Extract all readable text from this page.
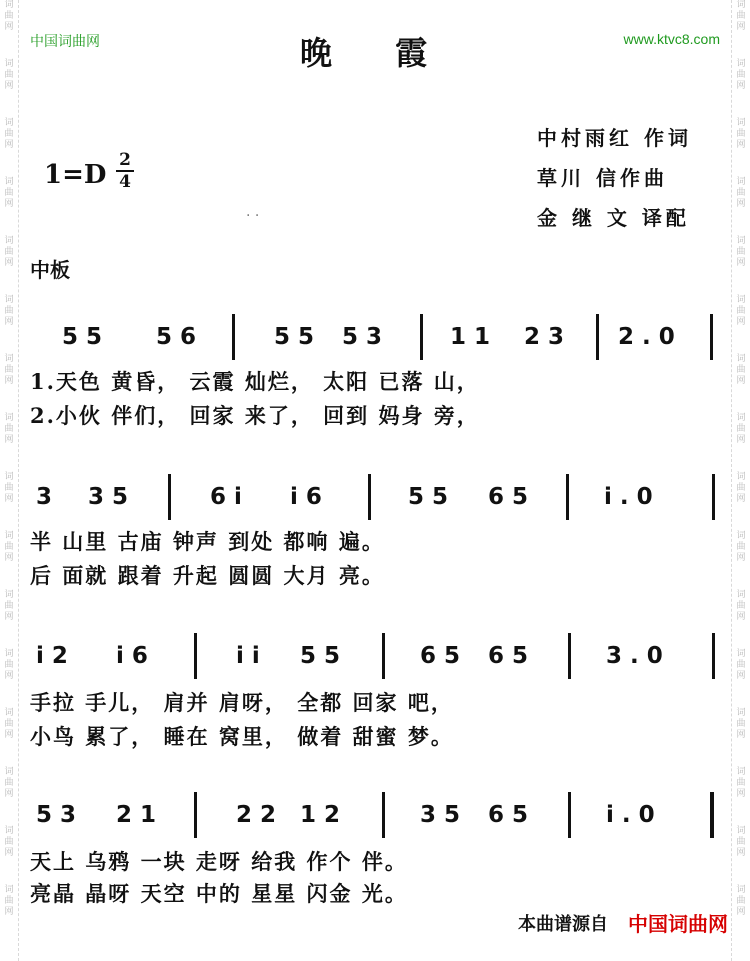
词
曲
网
词
曲
网
词
曲
网
词
曲
网
词
曲
网
词
曲
网
词
曲
网
词
曲
网
词
曲
网
词
曲
网
词
曲
网
词
曲
网
词
曲
网
词
曲
网
词
曲
网
词
曲
网
词
曲
网
词
曲
网
词
曲
网
词
曲
网
词
曲
网
词
曲
网
词
曲
网
词
曲
网
词
曲
网
词
曲
网
词
曲
网
词
曲
网
词
曲
网
词
曲
网
词
曲
网
词
曲
网
中国词曲网	www.ktvc8.com
晚 霞
中村雨红 作词
草川 信作曲
金 继 文 译配
1=D 2
4
· ·
中板
5 5 5 6	5 5 5 3	1 1 2 3 2 . 0
1.天色 黄昏， 云霞 灿烂， 太阳 已落 山，
2.小伙 伴们， 回家 来了， 回到 妈身 旁，
3 3 5	6 i i 6	5 5 6 5	i . 0
半 山里 古庙 钟声 到处 都响 遍。
后 面就 跟着 升起 圆圆 大月 亮。
i 2 i 6	i i 5 5	6 5 6 5	3 . 0
手拉 手儿， 肩并 肩呀， 全都 回家 吧，
小鸟 累了， 睡在 窝里， 做着 甜蜜 梦。
5 3 2 1	2 2 1 2	3 5 6 5	i . 0
天上 乌鸦 一块 走呀 给我 作个 伴。
亮晶 晶呀 天空 中的 星星 闪金 光。
本曲谱源自 中国词曲网
